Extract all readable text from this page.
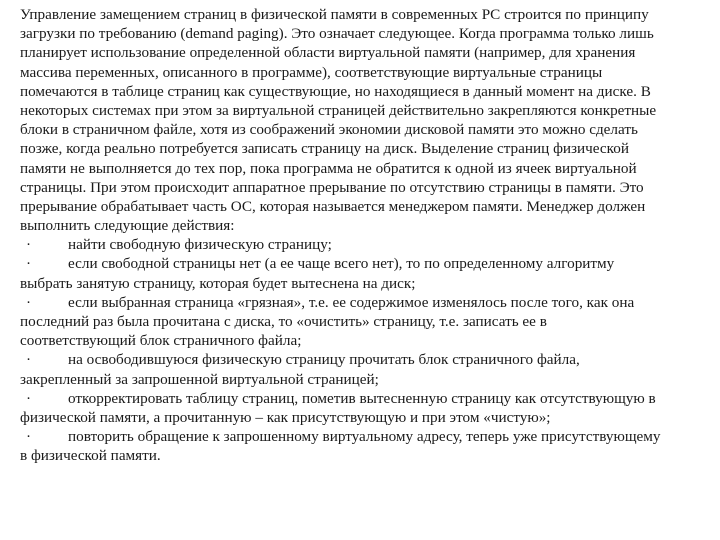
Управление замещением страниц в физической памяти в современных PC строится по принципу
загрузки по требованию (demand paging). Это означает следующее. Когда программа только лишь
планирует использование определенной области виртуальной памяти (например, для хранения
массива переменных, описанного в программе), соответствующие виртуальные страницы
помечаются в таблице страниц как существующие, но находящиеся в данный момент на диске. В
некоторых системах при этом за виртуальной страницей действительно закрепляются конкретные
блоки в страничном файле, хотя из соображений экономии дисковой памяти это можно сделать
позже, когда реально потребуется записать страницу на диск. Выделение страниц физической
памяти не выполняется до тех пор, пока программа не обратится к одной из ячеек виртуальной
страницы. При этом происходит аппаратное прерывание по отсутствию страницы в памяти. Это
прерывание обрабатывает часть ОС, которая называется менеджером памяти. Менеджер должен
выполнить следующие действия:
· найти свободную физическую страницу;
· если свободной страницы нет (а ее чаще всего нет), то по определенному алгоритму
выбрать занятую страницу, которая будет вытеснена на диск;
· если выбранная страница «грязная», т.е. ее содержимое изменялось после того, как она
последний раз была прочитана с диска, то «очистить» страницу, т.е. записать ее в
соответствующий блок страничного файла;
· на освободившуюся физическую страницу прочитать блок страничного файла,
закрепленный за запрошенной виртуальной страницей;
· откорректировать таблицу страниц, пометив вытесненную страницу как отсутствующую в
физической памяти, а прочитанную – как присутствующую и при этом «чистую»;
· повторить обращение к запрошенному виртуальному адресу, теперь уже присутствующему
в физической памяти.
